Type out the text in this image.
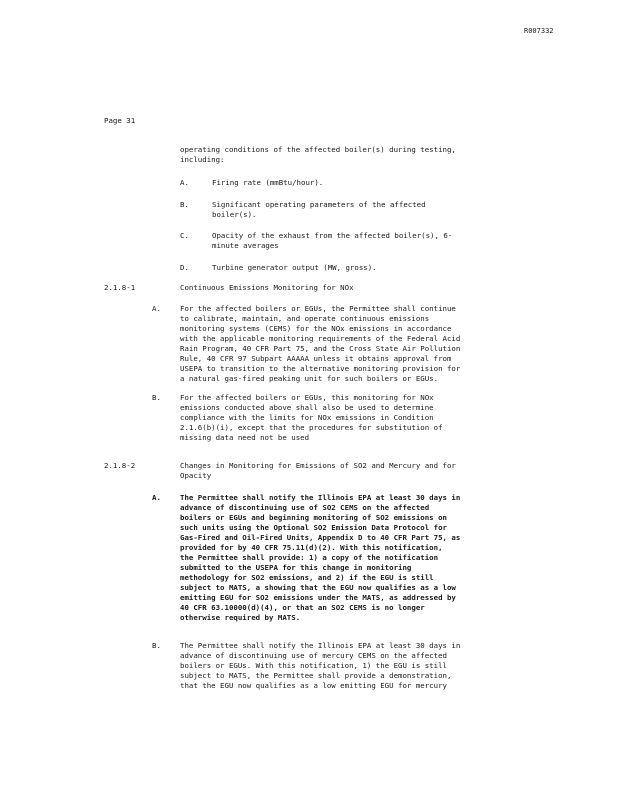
R007332
Page 31
operating conditions of the affected boiler(s) during testing,
including:
A.	Firing rate (mmBtu/hour).
B.	Significant operating parameters of the affected
boiler(s).
C.	Opacity of the exhaust from the affected boiler(s), 6-
minute averages
D.	Turbine generator output (MW, gross).
2.1.8-1	Continuous Emissions Monitoring for NOx
A.	For the affected boilers or EGUs, the Permittee shall continue
to calibrate, maintain, and operate continuous emissions
monitoring systems (CEMS) for the NOx emissions in accordance
with the applicable monitoring requirements of the Federal Acid
Rain Program, 40 CFR Part 75, and the Cross State Air Pollution
Rule, 40 CFR 97 Subpart AAAAA unless it obtains approval from
USEPA to transition to the alternative monitoring provision for
a natural gas-fired peaking unit for such boilers or EGUs.
B.	For the affected boilers or EGUs, this monitoring for NOx
emissions conducted above shall also be used to determine
compliance with the limits for NOx emissions in Condition
2.1.6(b)(i), except that the procedures for substitution of
missing data need not be used
2.1.8-2	Changes in Monitoring for Emissions of SO2 and Mercury and for
Opacity
A.	The Permittee shall notify the Illinois EPA at least 30 days in
advance of discontinuing use of SO2 CEMS on the affected
boilers or EGUs and beginning monitoring of SO2 emissions on
such units using the Optional SO2 Emission Data Protocol for
Gas-Fired and Oil-Fired Units, Appendix D to 40 CFR Part 75, as
provided for by 40 CFR 75.11(d)(2). With this notification,
the Permittee shall provide: 1) a copy of the notification
submitted to the USEPA for this change in monitoring
methodology for SO2 emissions, and 2) if the EGU is still
subject to MATS, a showing that the EGU now qualifies as a low
emitting EGU for SO2 emissions under the MATS, as addressed by
40 CFR 63.10000(d)(4), or that an SO2 CEMS is no longer
otherwise required by MATS.
B.	The Permittee shall notify the Illinois EPA at least 30 days in
advance of discontinuing use of mercury CEMS on the affected
boilers or EGUs. With this notification, 1) the EGU is still
subject to MATS, the Permittee shall provide a demonstration,
that the EGU now qualifies as a low emitting EGU for mercury
